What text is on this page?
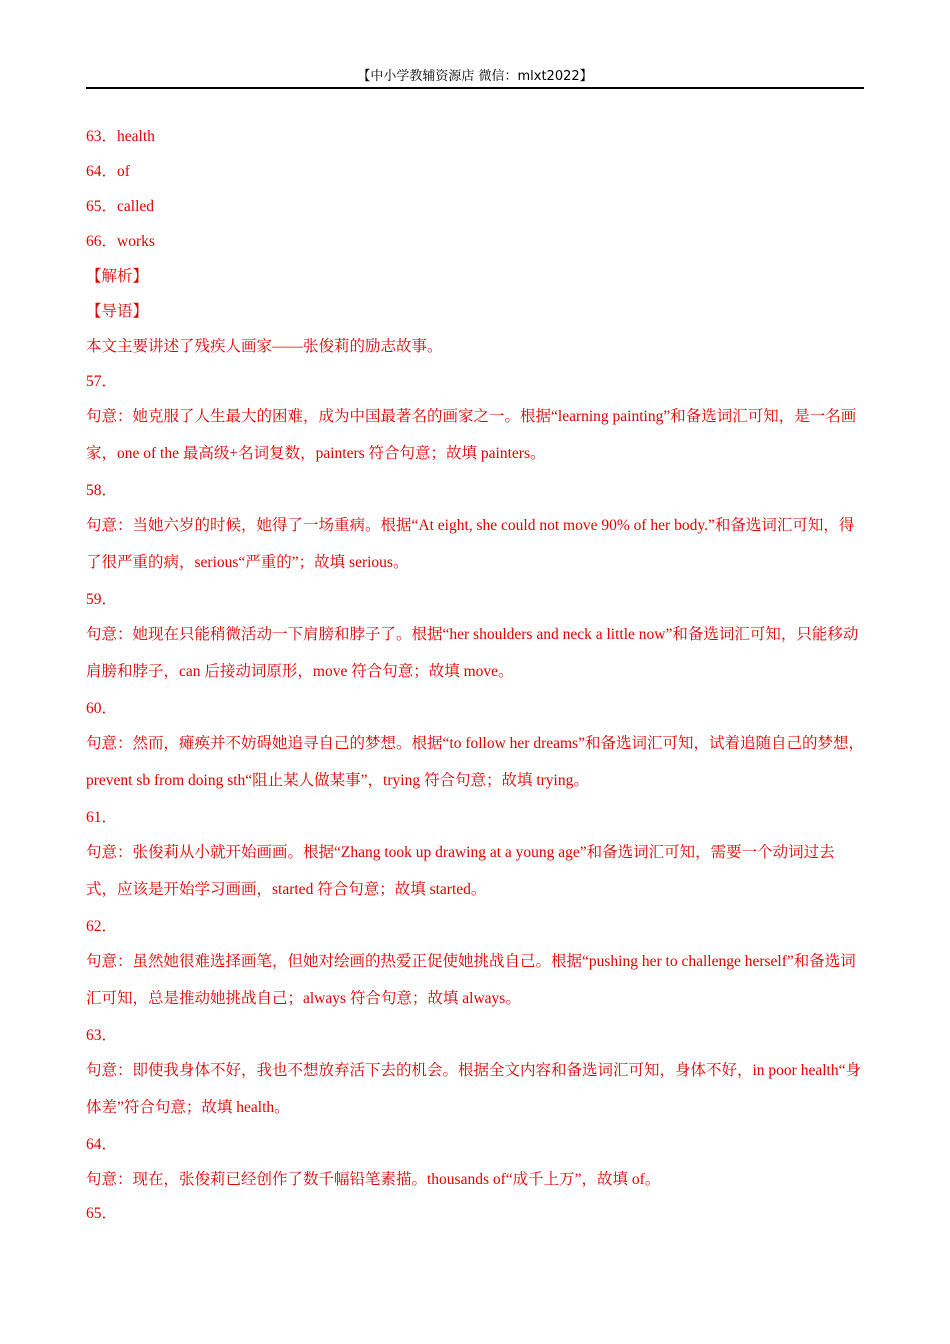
【中小学教辅资源店 微信：mlxt2022】
63．health
64．of
65．called
66．works
【解析】
【导语】
本文主要讲述了残疾人画家——张俊莉的励志故事。
57．
句意：她克服了人生最大的困难，成为中国最著名的画家之一。根据“learning painting”和备选词汇可知，是一名画家，one of the 最高级+名词复数，painters 符合句意；故填 painters。
58．
句意：当她六岁的时候，她得了一场重病。根据“At eight, she could not move 90% of her body.”和备选词汇可知，得了很严重的病，serious“严重的”；故填 serious。
59．
句意：她现在只能稍微活动一下肩膀和脖子了。根据“her shoulders and neck a little now”和备选词汇可知，只能移动肩膀和脖子，can 后接动词原形，move 符合句意；故填 move。
60．
句意：然而，瘫痪并不妨碍她追寻自己的梦想。根据“to follow her dreams”和备选词汇可知，试着追随自己的梦想，prevent sb from doing sth“阻止某人做某事”，trying 符合句意；故填 trying。
61．
句意：张俊莉从小就开始画画。根据“Zhang took up drawing at a young age”和备选词汇可知，需要一个动词过去式，应该是开始学习画画，started 符合句意；故填 started。
62．
句意：虽然她很难选择画笔，但她对绘画的热爱正促使她挑战自己。根据“pushing her to challenge herself”和备选词汇可知，总是推动她挑战自己；always 符合句意；故填 always。
63．
句意：即使我身体不好，我也不想放弃活下去的机会。根据全文内容和备选词汇可知，身体不好，in poor health“身体差”符合句意；故填 health。
64．
句意：现在，张俊莉已经创作了数千幅铅笔素描。thousands of“成千上万”，故填 of。
65．
